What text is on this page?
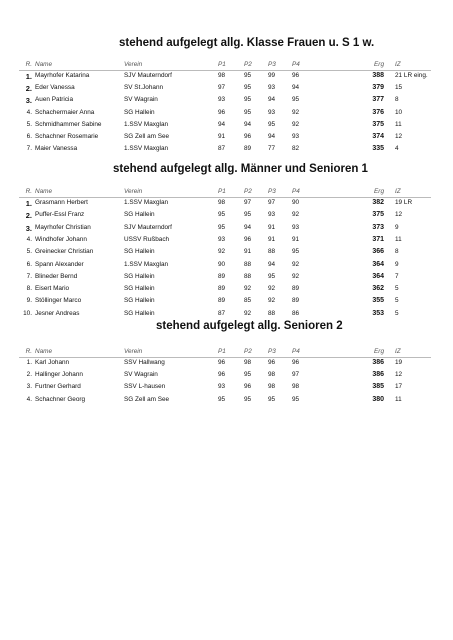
stehend aufgelegt allg. Klasse Frauen u. S 1 w.
R. Name	Verein	P1	P2	P3	P4	Erg IZ
1. Mayrhofer Katarina	SJV Mauterndorf	98	95	99	96	388 21 LR eing.
2. Eder Vanessa	SV St.Johann	97	95	93	94	379 15
3. Auen Patricia	SV Wagrain	93	95	94	95	377 8
4. Schachermaier Anna	SG Hallein	96	95	93	92	376 10
5. Schmidhammer Sabine	1.SSV Maxglan	94	94	95	92	375 11
6. Schachner Rosemarie	SG Zell am See	91	96	94	93	374 12
7. Maier Vanessa	1.SSV Maxglan	87	89	77	82	335 4
stehend aufgelegt allg. Männer und Senioren 1
R. Name	Verein	P1	P2	P3	P4	Erg IZ
1. Grasmann Herbert	1.SSV Maxglan	98	97	97	90	382 19 LR
2. Puffer-Essl Franz	SG Hallein	95	95	93	92	375 12
3. Mayrhofer Christian	SJV Mauterndorf	95	94	91	93	373 9
4. Windhofer Johann	USSV Rußbach	93	96	91	91	371 11
5. Greinecker Christian	SG Hallein	92	91	88	95	366 8
6. Spann Alexander	1.SSV Maxglan	90	88	94	92	364 9
7. Blineder Bernd	SG Hallein	89	88	95	92	364 7
8. Eisert Mario	SG Hallein	89	92	92	89	362 5
9. Stöllinger Marco	SG Hallein	89	85	92	89	355 5
10. Jesner Andreas	SG Hallein	87	92	88	86	353 5
stehend aufgelegt allg. Senioren 2
R. Name	Verein	P1	P2	P3	P4	Erg IZ
1. Karl Johann	SSV Hallwang	96	98	96	96	386 19
2. Hallinger Johann	SV Wagrain	96	95	98	97	386 12
3. Furtner Gerhard	SSV L-hausen	93	96	98	98	385 17
4. Schachner Georg	SG Zell am See	95	95	95	95	380 11
